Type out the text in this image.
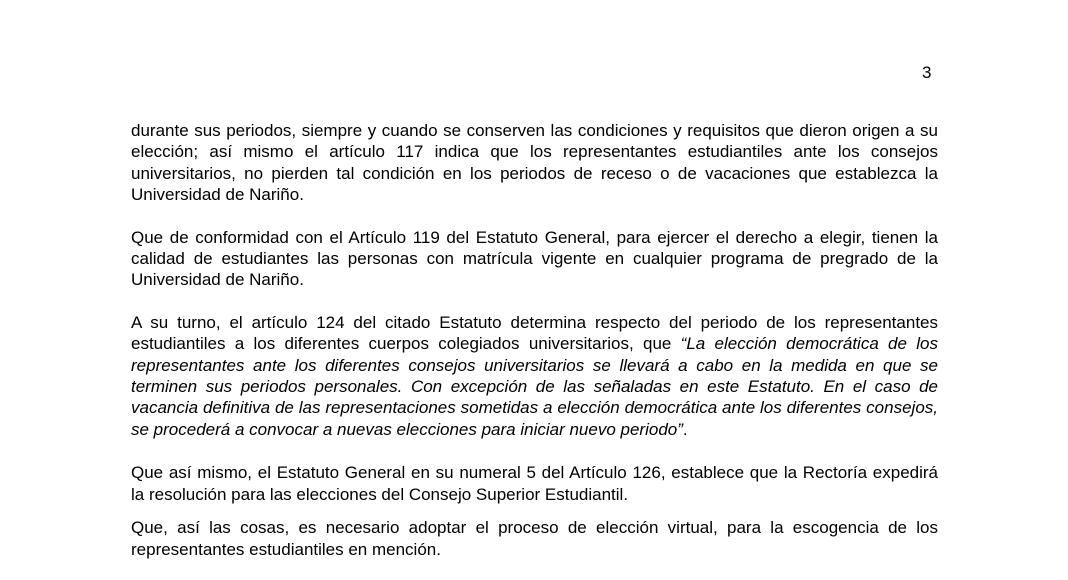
3

durante sus periodos, siempre y cuando se conserven las condiciones y requisitos que dieron origen a su elección; así mismo el artículo 117 indica que los representantes estudiantiles ante los consejos universitarios, no pierden tal condición en los periodos de receso o de vacaciones que establezca la Universidad de Nariño.

Que de conformidad con el Artículo 119 del Estatuto General, para ejercer el derecho a elegir, tienen la calidad de estudiantes las personas con matrícula vigente en cualquier programa de pregrado de la Universidad de Nariño.

A su turno, el artículo 124 del citado Estatuto determina respecto del periodo de los representantes estudiantiles a los diferentes cuerpos colegiados universitarios, que “La elección democrática de los representantes ante los diferentes consejos universitarios se llevará a cabo en la medida en que se terminen sus periodos personales. Con excepción de las señaladas en este Estatuto. En el caso de vacancia definitiva de las representaciones sometidas a elección democrática ante los diferentes consejos, se procederá a convocar a nuevas elecciones para iniciar nuevo periodo”.

Que así mismo, el Estatuto General en su numeral 5 del Artículo 126, establece que la Rectoría expedirá la resolución para las elecciones del Consejo Superior Estudiantil.

Que, así las cosas, es necesario adoptar el proceso de elección virtual, para la escogencia de los representantes estudiantiles en mención.
